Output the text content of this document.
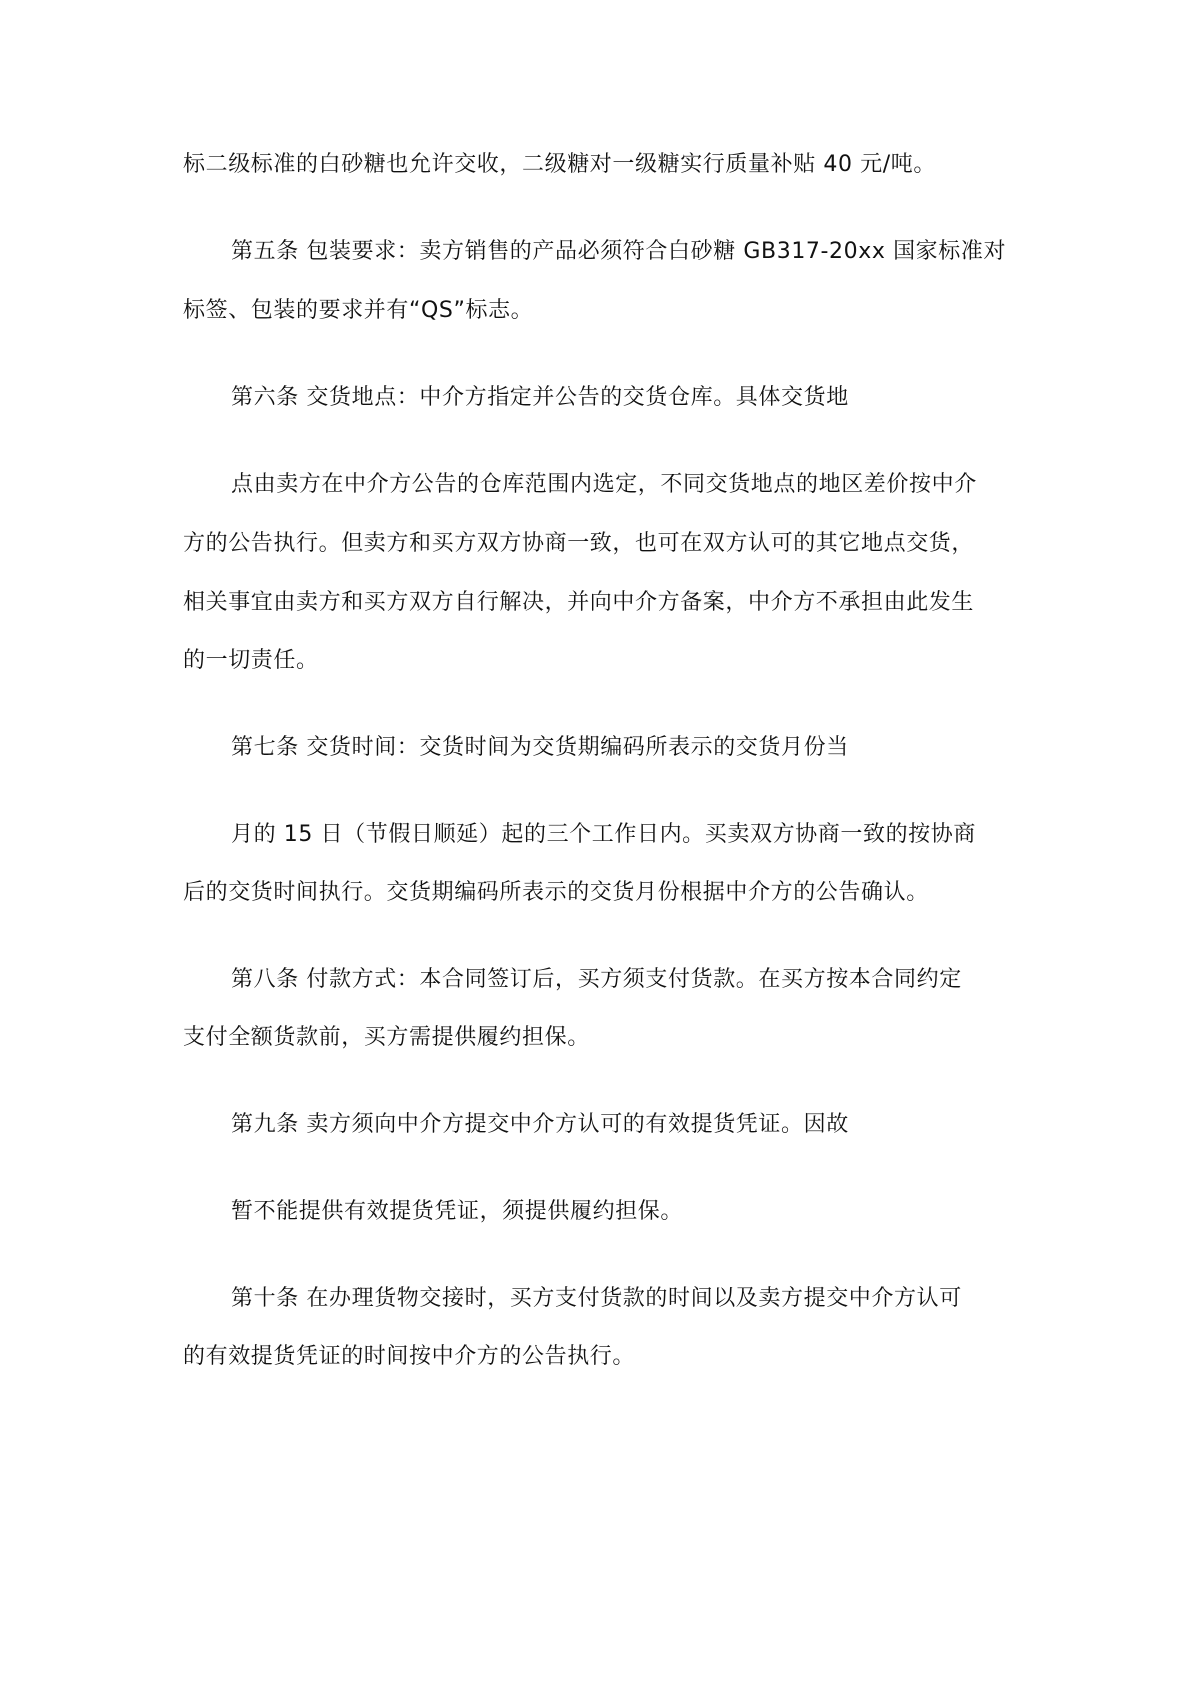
标二级标准的白砂糖也允许交收，二级糖对一级糖实行质量补贴 40 元/吨。
第五条 包装要求：卖方销售的产品必须符合白砂糖 GB317-20xx 国家标准对
标签、包装的要求并有“QS”标志。
第六条 交货地点：中介方指定并公告的交货仓库。具体交货地
点由卖方在中介方公告的仓库范围内选定，不同交货地点的地区差价按中介
方的公告执行。但卖方和买方双方协商一致，也可在双方认可的其它地点交货，
相关事宜由卖方和买方双方自行解决，并向中介方备案，中介方不承担由此发生
的一切责任。
第七条 交货时间：交货时间为交货期编码所表示的交货月份当
月的 15 日（节假日顺延）起的三个工作日内。买卖双方协商一致的按协商
后的交货时间执行。交货期编码所表示的交货月份根据中介方的公告确认。
第八条 付款方式：本合同签订后，买方须支付货款。在买方按本合同约定
支付全额货款前，买方需提供履约担保。
第九条 卖方须向中介方提交中介方认可的有效提货凭证。因故
暂不能提供有效提货凭证，须提供履约担保。
第十条 在办理货物交接时，买方支付货款的时间以及卖方提交中介方认可
的有效提货凭证的时间按中介方的公告执行。
